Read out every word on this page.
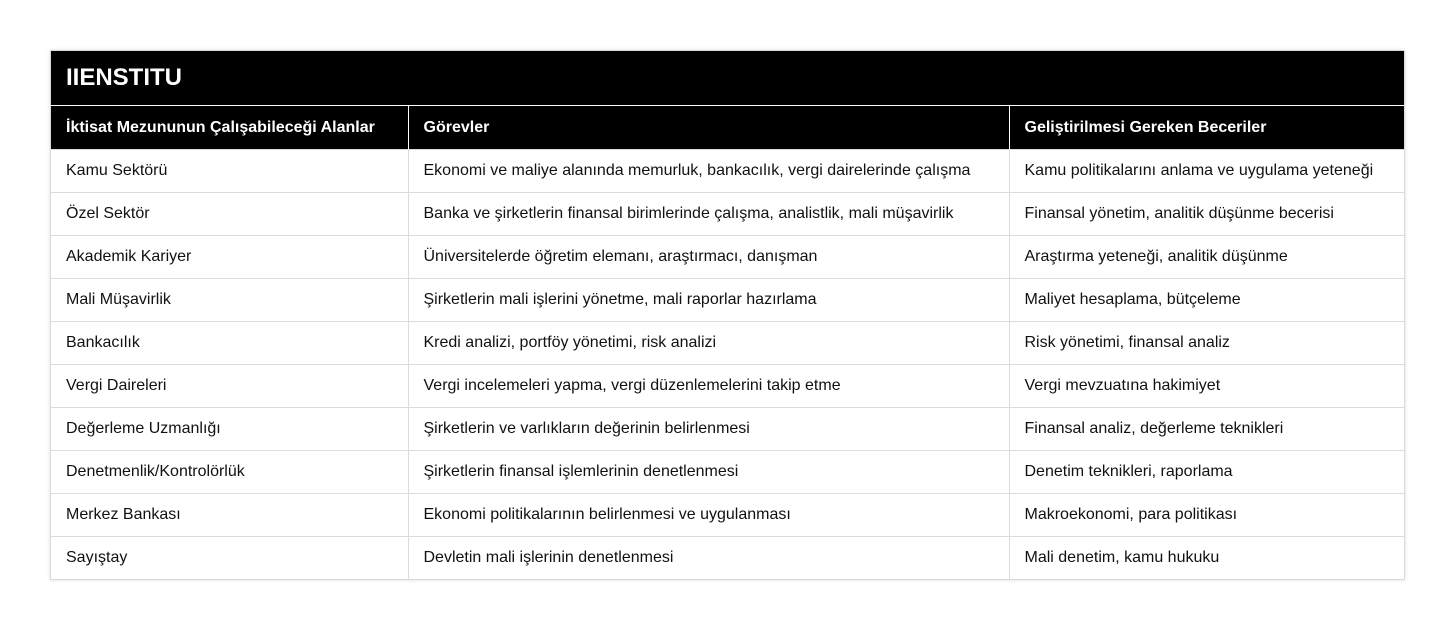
IIENSTITU		
İktisat Mezununun Çalışabileceği Alanlar	Görevler	Geliştirilmesi Gereken Beceriler
Kamu Sektörü	Ekonomi ve maliye alanında memurluk, bankacılık, vergi dairelerinde çalışma	Kamu politikalarını anlama ve uygulama yeteneği
Özel Sektör	Banka ve şirketlerin finansal birimlerinde çalışma, analistlik, mali müşavirlik	Finansal yönetim, analitik düşünme becerisi
Akademik Kariyer	Üniversitelerde öğretim elemanı, araştırmacı, danışman	Araştırma yeteneği, analitik düşünme
Mali Müşavirlik	Şirketlerin mali işlerini yönetme, mali raporlar hazırlama	Maliyet hesaplama, bütçeleme
Bankacılık	Kredi analizi, portföy yönetimi, risk analizi	Risk yönetimi, finansal analiz
Vergi Daireleri	Vergi incelemeleri yapma, vergi düzenlemelerini takip etme	Vergi mevzuatına hakimiyet
Değerleme Uzmanlığı	Şirketlerin ve varlıkların değerinin belirlenmesi	Finansal analiz, değerleme teknikleri
Denetmenlik/Kontrolörlük	Şirketlerin finansal işlemlerinin denetlenmesi	Denetim teknikleri, raporlama
Merkez Bankası	Ekonomi politikalarının belirlenmesi ve uygulanması	Makroekonomi, para politikası
Sayıştay	Devletin mali işlerinin denetlenmesi	Mali denetim, kamu hukuku
